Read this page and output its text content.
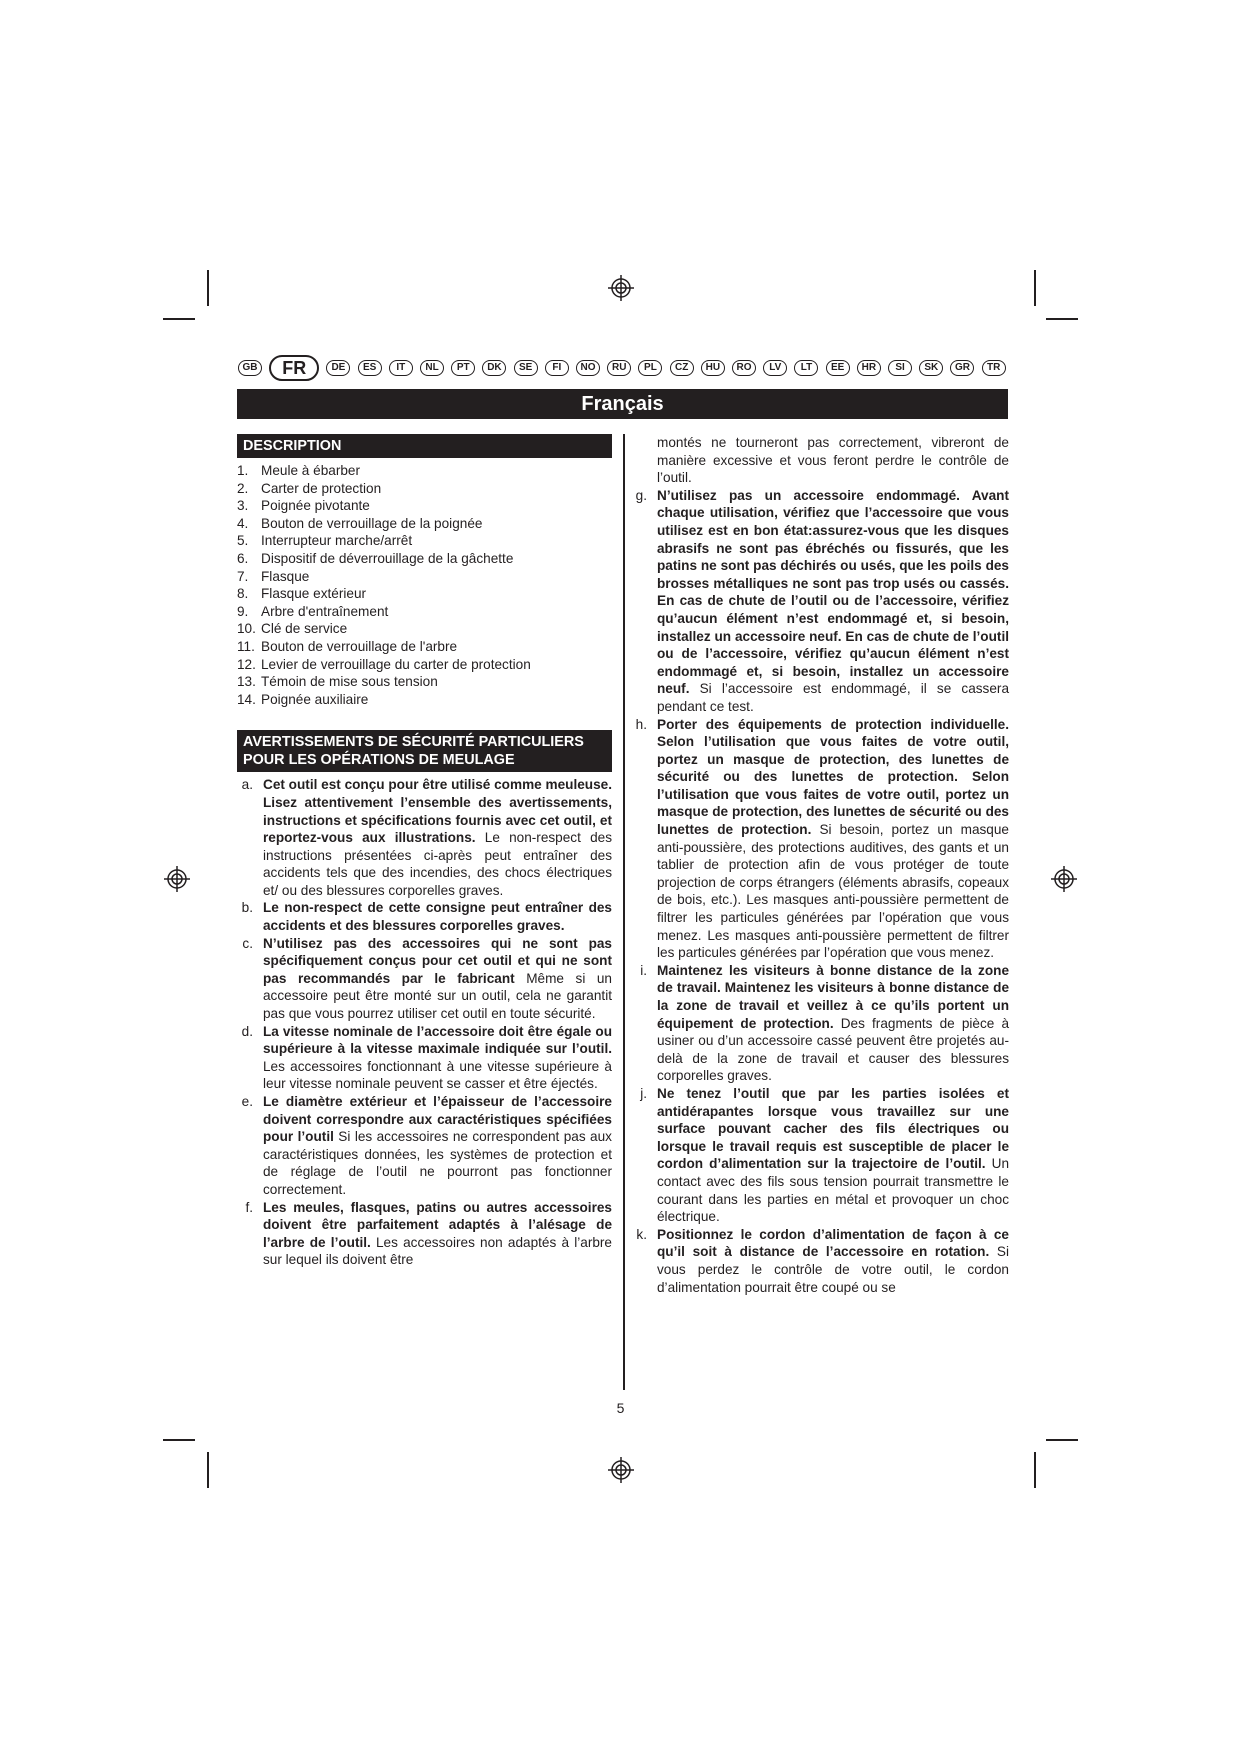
GB	FR	DE	ES	IT	NL	PT	DK	SE	FI	NO	RU	PL	CZ	HU	RO	LV	LT	EE	HR	SI	SK	GR	TR
Français
DESCRIPTION
1. Meule à ébarber
2. Carter de protection
3. Poignée pivotante
4. Bouton de verrouillage de la poignée
5. Interrupteur marche/arrêt
6. Dispositif de déverrouillage de la gâchette
7. Flasque
8. Flasque extérieur
9. Arbre d'entraînement
10. Clé de service
11. Bouton de verrouillage de l'arbre
12. Levier de verrouillage du carter de protection
13. Témoin de mise sous tension
14. Poignée auxiliaire
AVERTISSEMENTS DE SÉCURITÉ PARTICULIERS POUR LES OPÉRATIONS DE MEULAGE
a. Cet outil est conçu pour être utilisé comme meuleuse. Lisez attentivement l’ensemble des avertissements, instructions et spécifications fournis avec cet outil, et reportez-vous aux illustrations. Le non-respect des instructions présentées ci-après peut entraîner des accidents tels que des incendies, des chocs électriques et/ ou des blessures corporelles graves.
b. Le non-respect de cette consigne peut entraîner des accidents et des blessures corporelles graves.
c. N’utilisez pas des accessoires qui ne sont pas spécifiquement conçus pour cet outil et qui ne sont pas recommandés par le fabricant Même si un accessoire peut être monté sur un outil, cela ne garantit pas que vous pourrez utiliser cet outil en toute sécurité.
d. La vitesse nominale de l’accessoire doit être égale ou supérieure à la vitesse maximale indiquée sur l’outil. Les accessoires fonctionnant à une vitesse supérieure à leur vitesse nominale peuvent se casser et être éjectés.
e. Le diamètre extérieur et l’épaisseur de l’accessoire doivent correspondre aux caractéristiques spécifiées pour l’outil Si les accessoires ne correspondent pas aux caractéristiques données, les systèmes de protection et de réglage de l’outil ne pourront pas fonctionner correctement.
f. Les meules, flasques, patins ou autres accessoires doivent être parfaitement adaptés à l’alésage de l’arbre de l’outil. Les accessoires non adaptés à l’arbre sur lequel ils doivent être
montés ne tourneront pas correctement, vibreront de manière excessive et vous feront perdre le contrôle de l’outil.
g. N’utilisez pas un accessoire endommagé. Avant chaque utilisation, vérifiez que l’accessoire que vous utilisez est en bon état:assurez-vous que les disques abrasifs ne sont pas ébréchés ou fissurés, que les patins ne sont pas déchirés ou usés, que les poils des brosses métalliques ne sont pas trop usés ou cassés. En cas de chute de l’outil ou de l’accessoire, vérifiez qu’aucun élément n’est endommagé et, si besoin, installez un accessoire neuf. En cas de chute de l’outil ou de l’accessoire, vérifiez qu’aucun élément n’est endommagé et, si besoin, installez un accessoire neuf. Si l’accessoire est endommagé, il se cassera pendant ce test.
h. Porter des équipements de protection individuelle. Selon l’utilisation que vous faites de votre outil, portez un masque de protection, des lunettes de sécurité ou des lunettes de protection. Selon l’utilisation que vous faites de votre outil, portez un masque de protection, des lunettes de sécurité ou des lunettes de protection. Si besoin, portez un masque anti-poussière, des protections auditives, des gants et un tablier de protection afin de vous protéger de toute projection de corps étrangers (éléments abrasifs, copeaux de bois, etc.). Les masques anti-poussière permettent de filtrer les particules générées par l’opération que vous menez. Les masques anti-poussière permettent de filtrer les particules générées par l’opération que vous menez.
i. Maintenez les visiteurs à bonne distance de la zone de travail. Maintenez les visiteurs à bonne distance de la zone de travail et veillez à ce qu’ils portent un équipement de protection. Des fragments de pièce à usiner ou d’un accessoire cassé peuvent être projetés au-delà de la zone de travail et causer des blessures corporelles graves.
j. Ne tenez l’outil que par les parties isolées et antidérapantes lorsque vous travaillez sur une surface pouvant cacher des fils électriques ou lorsque le travail requis est susceptible de placer le cordon d’alimentation sur la trajectoire de l’outil. Un contact avec des fils sous tension pourrait transmettre le courant dans les parties en métal et provoquer un choc électrique.
k. Positionnez le cordon d’alimentation de façon à ce qu’il soit à distance de l’accessoire en rotation. Si vous perdez le contrôle de votre outil, le cordon d’alimentation pourrait être coupé ou se
5
